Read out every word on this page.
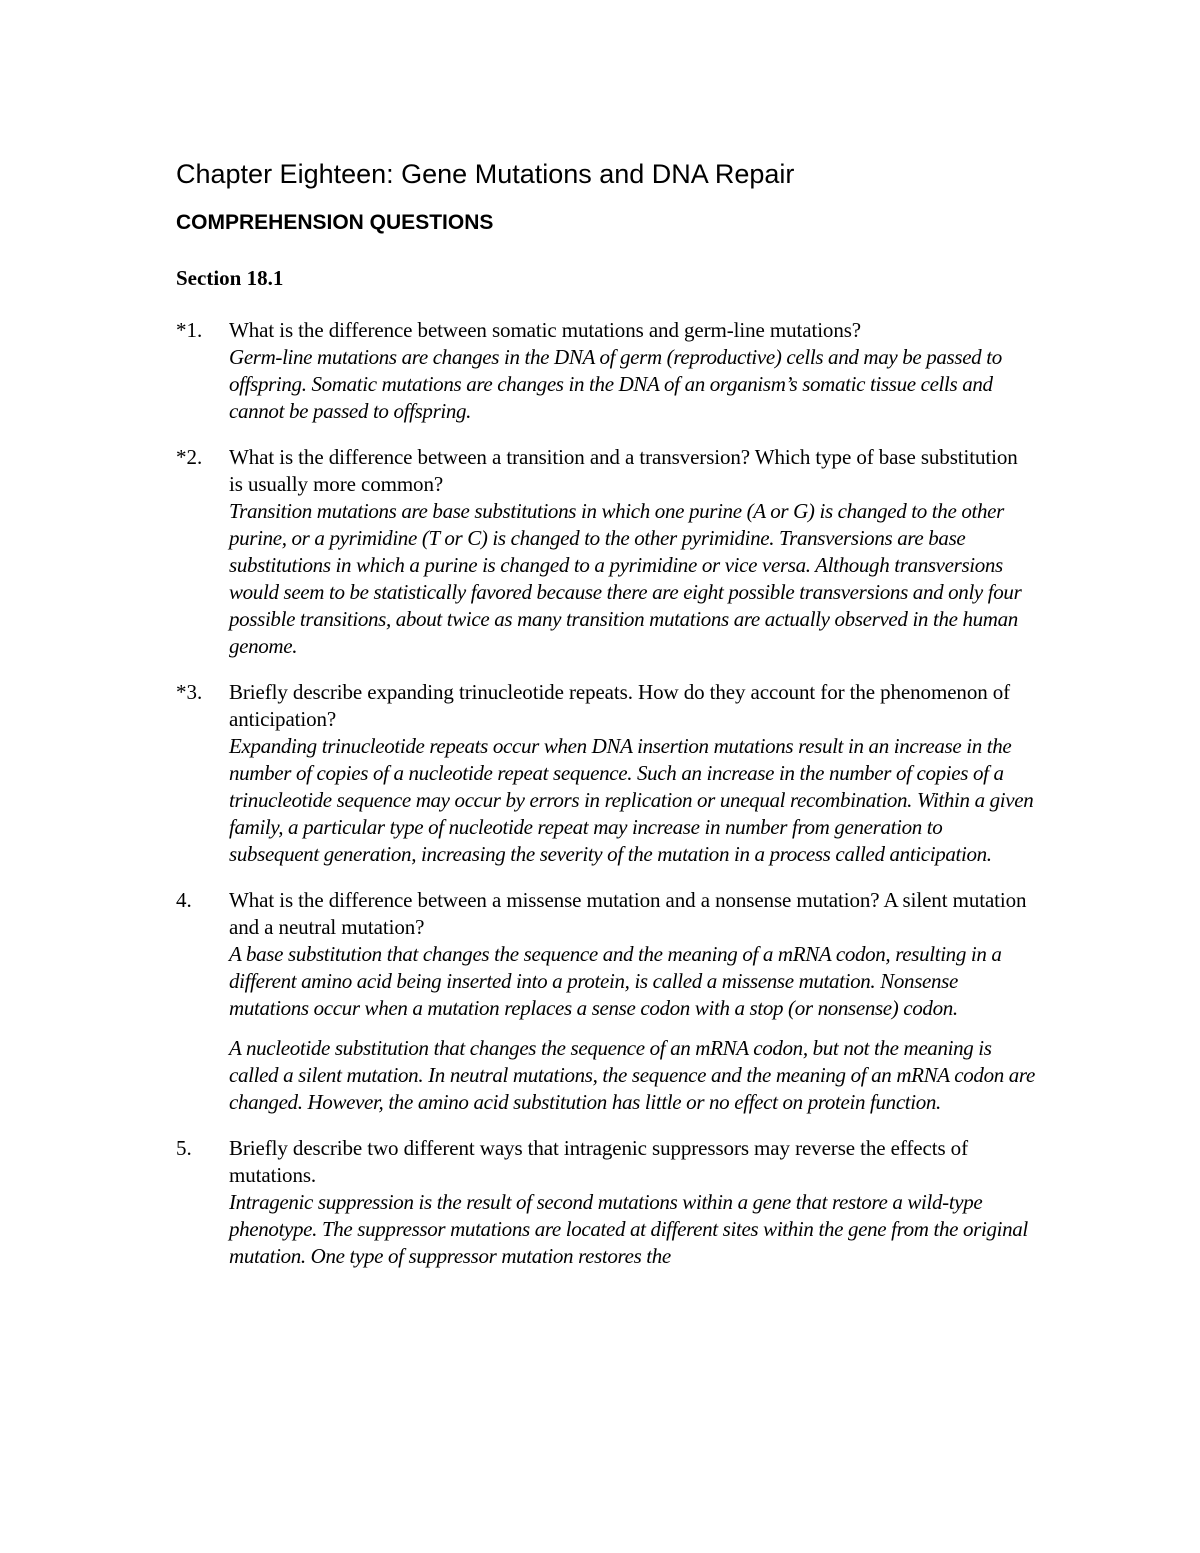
Chapter Eighteen: Gene Mutations and DNA Repair
COMPREHENSION QUESTIONS
Section 18.1
*1.	What is the difference between somatic mutations and germ-line mutations?
Germ-line mutations are changes in the DNA of germ (reproductive) cells and may be passed to offspring. Somatic mutations are changes in the DNA of an organism’s somatic tissue cells and cannot be passed to offspring.
*2.	What is the difference between a transition and a transversion? Which type of base substitution is usually more common?
Transition mutations are base substitutions in which one purine (A or G) is changed to the other purine, or a pyrimidine (T or C) is changed to the other pyrimidine. Transversions are base substitutions in which a purine is changed to a pyrimidine or vice versa. Although transversions would seem to be statistically favored because there are eight possible transversions and only four possible transitions, about twice as many transition mutations are actually observed in the human genome.
*3.	Briefly describe expanding trinucleotide repeats. How do they account for the phenomenon of anticipation?
Expanding trinucleotide repeats occur when DNA insertion mutations result in an increase in the number of copies of a nucleotide repeat sequence. Such an increase in the number of copies of a trinucleotide sequence may occur by errors in replication or unequal recombination. Within a given family, a particular type of nucleotide repeat may increase in number from generation to subsequent generation, increasing the severity of the mutation in a process called anticipation.
4.	What is the difference between a missense mutation and a nonsense mutation? A silent mutation and a neutral mutation?
A base substitution that changes the sequence and the meaning of a mRNA codon, resulting in a different amino acid being inserted into a protein, is called a missense mutation. Nonsense mutations occur when a mutation replaces a sense codon with a stop (or nonsense) codon.
A nucleotide substitution that changes the sequence of an mRNA codon, but not the meaning is called a silent mutation. In neutral mutations, the sequence and the meaning of an mRNA codon are changed. However, the amino acid substitution has little or no effect on protein function.
5.	Briefly describe two different ways that intragenic suppressors may reverse the effects of mutations.
Intragenic suppression is the result of second mutations within a gene that restore a wild-type phenotype. The suppressor mutations are located at different sites within the gene from the original mutation. One type of suppressor mutation restores the
